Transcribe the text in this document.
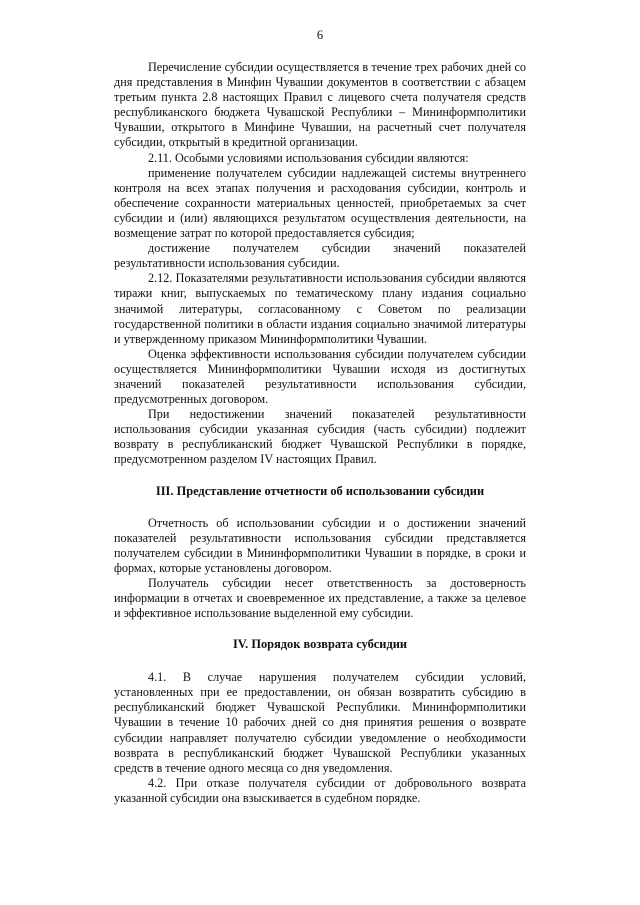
6

Перечисление субсидии осуществляется в течение трех рабочих дней со дня представления в Минфин Чувашии документов в соответствии с абзацем третьим пункта 2.8 настоящих Правил с лицевого счета получателя средств республиканского бюджета Чувашской Республики – Мининформполитики Чувашии, открытого в Минфине Чувашии, на расчетный счет получателя субсидии, открытый в кредитной организации.

2.11. Особыми условиями использования субсидии являются:

применение получателем субсидии надлежащей системы внутреннего контроля на всех этапах получения и расходования субсидии, контроль и обеспечение сохранности материальных ценностей, приобретаемых за счет субсидии и (или) являющихся результатом осуществления деятельности, на возмещение затрат по которой предоставляется субсидия;

достижение получателем субсидии значений показателей результативности использования субсидии.

2.12. Показателями результативности использования субсидии являются тиражи книг, выпускаемых по тематическому плану издания социально значимой литературы, согласованному с Советом по реализации государственной политики в области издания социально значимой литературы и утвержденному приказом Мининформполитики Чувашии.

Оценка эффективности использования субсидии получателем субсидии осуществляется Мининформполитики Чувашии исходя из достигнутых значений показателей результативности использования субсидии, предусмотренных договором.

При недостижении значений показателей результативности использования субсидии указанная субсидия (часть субсидии) подлежит возврату в республиканский бюджет Чувашской Республики в порядке, предусмотренном разделом IV настоящих Правил.

III. Представление отчетности об использовании субсидии

Отчетность об использовании субсидии и о достижении значений показателей результативности использования субсидии представляется получателем субсидии в Мининформполитики Чувашии в порядке, в сроки и формах, которые установлены договором.

Получатель субсидии несет ответственность за достоверность информации в отчетах и своевременное их представление, а также за целевое и эффективное использование выделенной ему субсидии.

IV. Порядок возврата субсидии

4.1. В случае нарушения получателем субсидии условий, установленных при ее предоставлении, он обязан возвратить субсидию в республиканский бюджет Чувашской Республики. Мининформполитики Чувашии в течение 10 рабочих дней со дня принятия решения о возврате субсидии направляет получателю субсидии уведомление о необходимости возврата в республиканский бюджет Чувашской Республики указанных средств в течение одного месяца со дня уведомления.

4.2. При отказе получателя субсидии от добровольного возврата указанной субсидии она взыскивается в судебном порядке.
